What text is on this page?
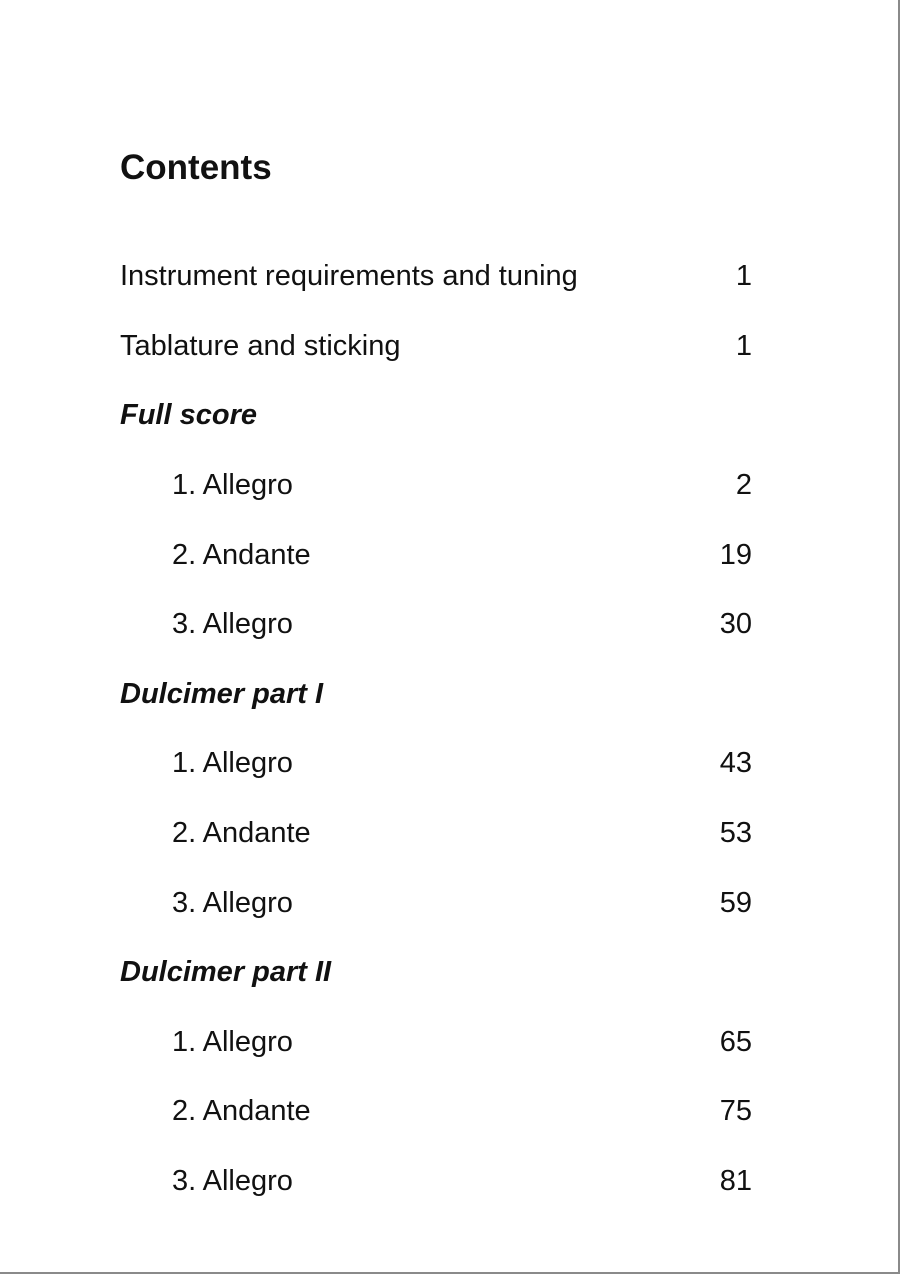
Contents
Instrument requirements and tuning	1
Tablature and sticking	1
Full score
1. Allegro	2
2. Andante	19
3. Allegro	30
Dulcimer part I
1. Allegro	43
2. Andante	53
3. Allegro	59
Dulcimer part II
1. Allegro	65
2. Andante	75
3. Allegro	81
